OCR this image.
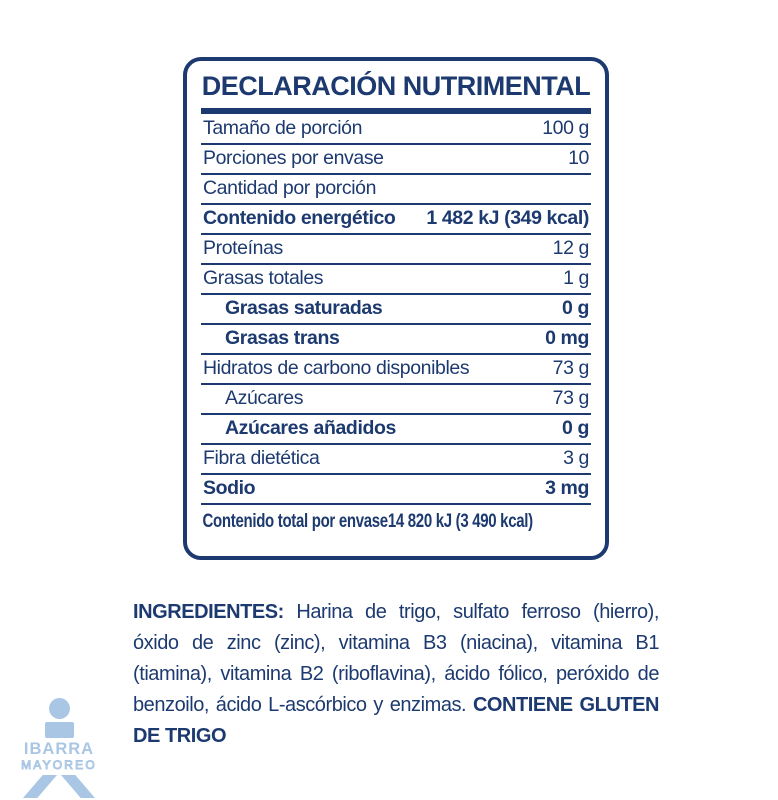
DECLARACIÓN NUTRIMENTAL
Tamaño de porción	100 g
Porciones por envase	10
Cantidad por porción
Contenido energético 1 482 kJ (349 kcal)
Proteínas	12 g
Grasas totales	1 g
Grasas saturadas	0 g
Grasas trans	0 mg
Hidratos de carbono disponibles	73 g
Azúcares	73 g
Azúcares añadidos	0 g
Fibra dietética	3 g
Sodio	3 mg
Contenido total por envase 14 820 kJ (3 490 kcal)
INGREDIENTES: Harina de trigo, sulfato ferroso (hierro), óxido de zinc (zinc), vitamina B3 (niacina), vitamina B1 (tiamina), vitamina B2 (riboflavina), ácido fólico, peróxido de benzoilo, ácido L-ascórbico y enzimas. CONTIENE GLUTEN DE TRIGO
IBARRA
MAYOREO
